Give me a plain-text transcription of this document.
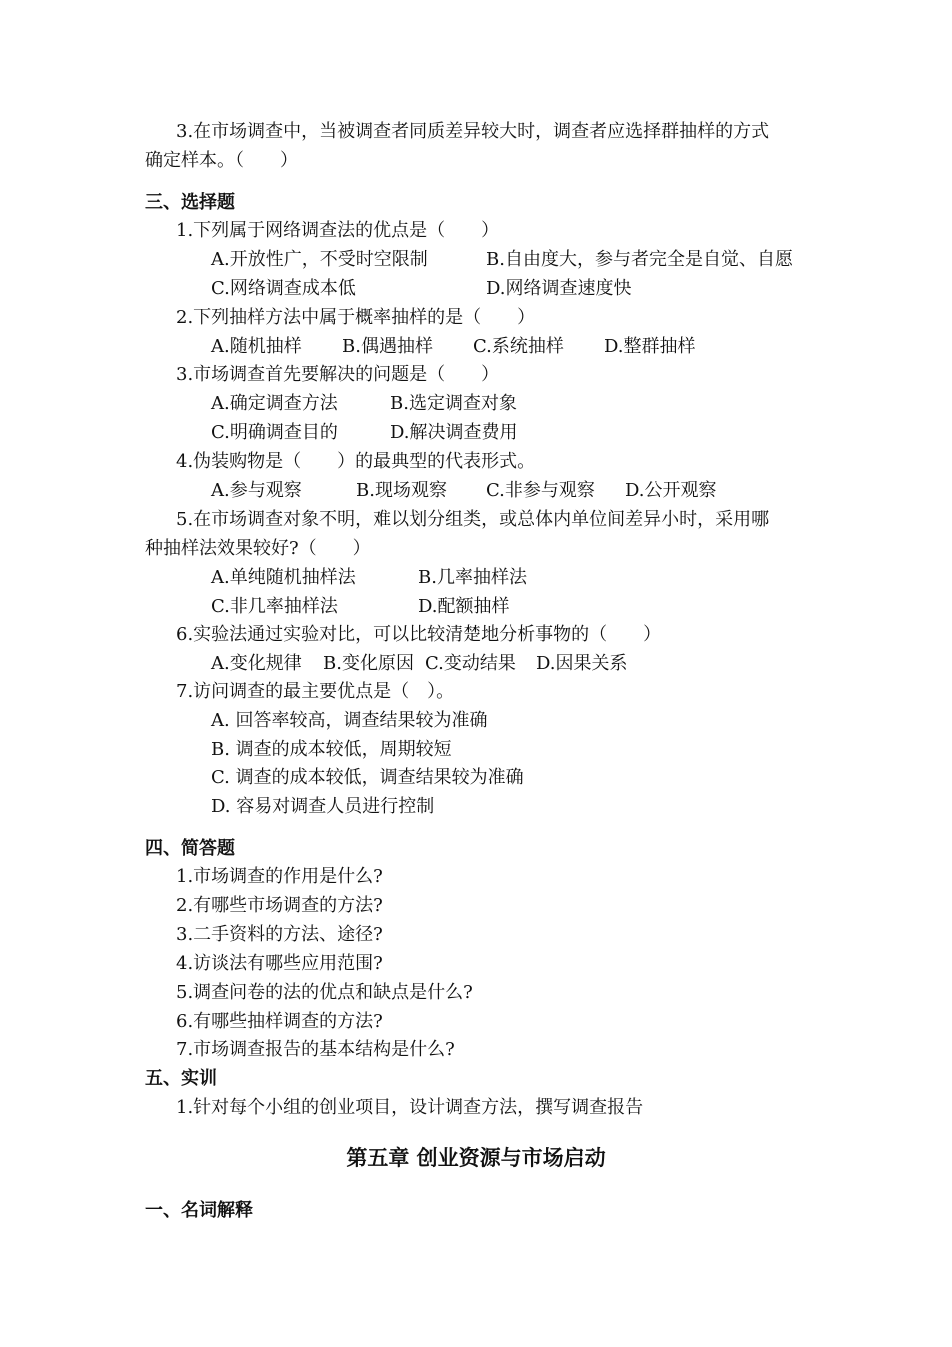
3.在市场调查中，当被调查者同质差异较大时，调查者应选择群抽样的方式
确定样本。（　　）
三、选择题
1.下列属于网络调查法的优点是（　　）
A.开放性广，不受时空限制	B.自由度大，参与者完全是自觉、自愿
C.网络调查成本低	D.网络调查速度快
2.下列抽样方法中属于概率抽样的是（　　）
A.随机抽样 B.偶遇抽样 C.系统抽样 D.整群抽样
3.市场调查首先要解决的问题是（　　）
A.确定调查方法	B.选定调查对象
C.明确调查目的	D.解决调查费用
4.伪装购物是（　　）的最典型的代表形式。
A.参与观察	B.现场观察 C.非参与观察 D.公开观察
5.在市场调查对象不明，难以划分组类，或总体内单位间差异小时，采用哪
种抽样法效果较好?（　　）
A.单纯随机抽样法	B.几率抽样法
C.非几率抽样法	D.配额抽样
6.实验法通过实验对比，可以比较清楚地分析事物的（　　）
A.变化规律 B.变化原因 C.变动结果 D.因果关系
7.访问调查的最主要优点是（　）。
A. 回答率较高，调查结果较为准确
B. 调查的成本较低，周期较短
C. 调查的成本较低，调查结果较为准确
D. 容易对调查人员进行控制
四、简答题
1.市场调查的作用是什么?
2.有哪些市场调查的方法?
3.二手资料的方法、途径?
4.访谈法有哪些应用范围?
5.调查问卷的法的优点和缺点是什么?
6.有哪些抽样调查的方法?
7.市场调查报告的基本结构是什么?
五、实训
1.针对每个小组的创业项目，设计调查方法，撰写调查报告
第五章 创业资源与市场启动
一、名词解释
